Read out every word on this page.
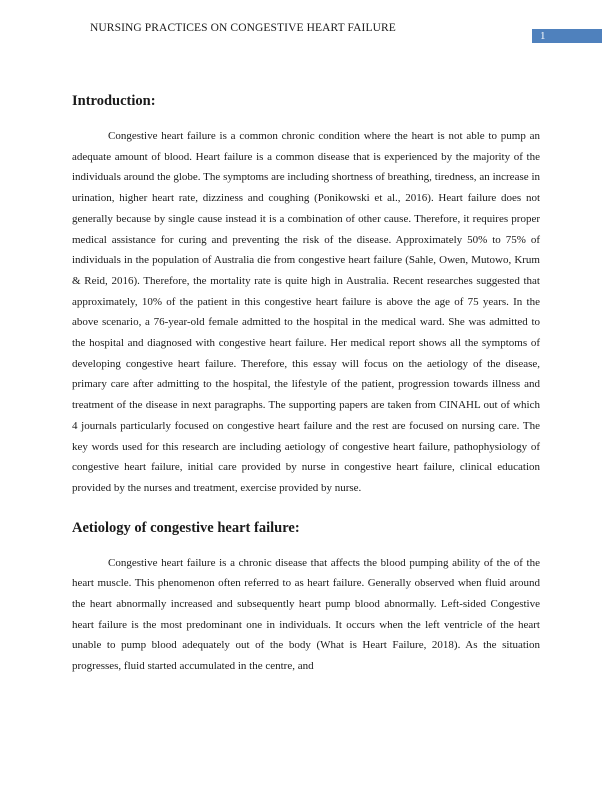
NURSING PRACTICES ON CONGESTIVE HEART FAILURE
1
Introduction:

Congestive heart failure is a common chronic condition where the heart is not able to pump an adequate amount of blood. Heart failure is a common disease that is experienced by the majority of the individuals around the globe. The symptoms are including shortness of breathing, tiredness, an increase in urination, higher heart rate, dizziness and coughing (Ponikowski et al., 2016). Heart failure does not generally because by single cause instead it is a combination of other cause. Therefore, it requires proper medical assistance for curing and preventing the risk of the disease. Approximately 50% to 75% of individuals in the population of Australia die from congestive heart failure (Sahle, Owen, Mutowo, Krum & Reid, 2016). Therefore, the mortality rate is quite high in Australia. Recent researches suggested that approximately, 10% of the patient in this congestive heart failure is above the age of 75 years. In the above scenario, a 76-year-old female admitted to the hospital in the medical ward. She was admitted to the hospital and diagnosed with congestive heart failure. Her medical report shows all the symptoms of developing congestive heart failure. Therefore, this essay will focus on the aetiology of the disease, primary care after admitting to the hospital, the lifestyle of the patient, progression towards illness and treatment of the disease in next paragraphs. The supporting papers are taken from CINAHL out of which 4 journals particularly focused on congestive heart failure and the rest are focused on nursing care. The key words used for this research are including aetiology of congestive heart failure, pathophysiology of congestive heart failure, initial care provided by nurse in congestive heart failure, clinical education provided by the nurses and treatment, exercise provided by nurse.

Aetiology of congestive heart failure:

Congestive heart failure is a chronic disease that affects the blood pumping ability of the of the heart muscle. This phenomenon often referred to as heart failure. Generally observed when fluid around the heart abnormally increased and subsequently heart pump blood abnormally. Left-sided Congestive heart failure is the most predominant one in individuals. It occurs when the left ventricle of the heart unable to pump blood adequately out of the body (What is Heart Failure, 2018). As the situation progresses, fluid started accumulated in the centre, and
